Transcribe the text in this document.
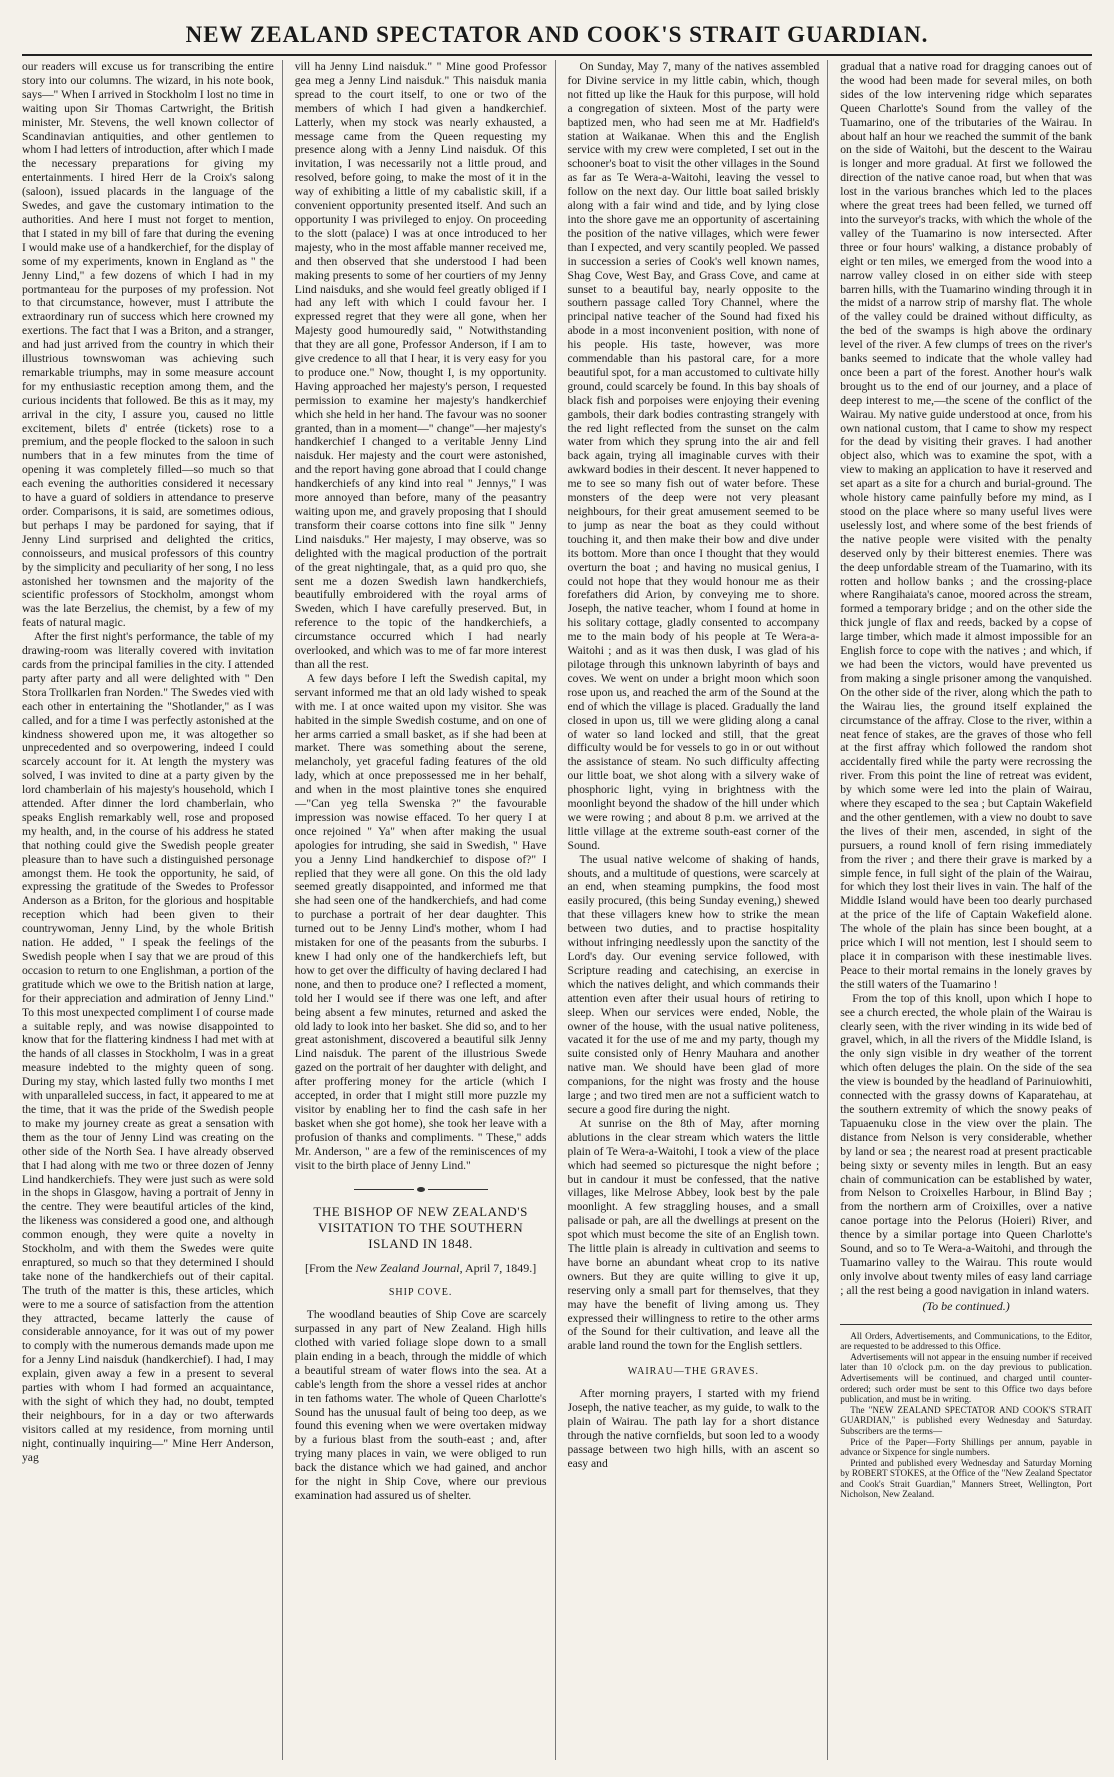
NEW ZEALAND SPECTATOR AND COOK'S STRAIT GUARDIAN.

our readers will excuse us for transcribing the entire story into our columns. The wizard, in his note book, says—" When I arrived in Stockholm I lost no time in waiting upon Sir Thomas Cartwright, the British minister, Mr. Stevens, the well known collector of Scandinavian antiquities, and other gentlemen to whom I had letters of introduction, after which I made the necessary preparations for giving my entertainments. I hired Herr de la Croix's salong (saloon), issued placards in the language of the Swedes, and gave the customary intimation to the authorities. And here I must not forget to mention, that I stated in my bill of fare that during the evening I would make use of a handkerchief, for the display of some of my experiments, known in England as " the Jenny Lind," a few dozens of which I had in my portmanteau for the purposes of my profession. Not to that circumstance, however, must I attribute the extraordinary run of success which here crowned my exertions. The fact that I was a Briton, and a stranger, and had just arrived from the country in which their illustrious townswoman was achieving such remarkable triumphs, may in some measure account for my enthusiastic reception among them, and the curious incidents that followed. Be this as it may, my arrival in the city, I assure you, caused no little excitement, bilets d' entrée (tickets) rose to a premium, and the people flocked to the saloon in such numbers that in a few minutes from the time of opening it was completely filled—so much so that each evening the authorities considered it necessary to have a guard of soldiers in attendance to preserve order. Comparisons, it is said, are sometimes odious, but perhaps I may be pardoned for saying, that if Jenny Lind surprised and delighted the critics, connoisseurs, and musical professors of this country by the simplicity and peculiarity of her song, I no less astonished her townsmen and the majority of the scientific professors of Stockholm, amongst whom was the late Berzelius, the chemist, by a few of my feats of natural magic.

After the first night's performance, the table of my drawing-room was literally covered with invitation cards from the principal families in the city. I attended party after party and all were delighted with " Den Stora Trollkarlen fran Norden." The Swedes vied with each other in entertaining the "Shotlander," as I was called, and for a time I was perfectly astonished at the kindness showered upon me, it was altogether so unprecedented and so overpowering, indeed I could scarcely account for it. At length the mystery was solved, I was invited to dine at a party given by the lord chamberlain of his majesty's household, which I attended. After dinner the lord chamberlain, who speaks English remarkably well, rose and proposed my health, and, in the course of his address he stated that nothing could give the Swedish people greater pleasure than to have such a distinguished personage amongst them. He took the opportunity, he said, of expressing the gratitude of the Swedes to Professor Anderson as a Briton, for the glorious and hospitable reception which had been given to their countrywoman, Jenny Lind, by the whole British nation. He added, " I speak the feelings of the Swedish people when I say that we are proud of this occasion to return to one Englishman, a portion of the gratitude which we owe to the British nation at large, for their appreciation and admiration of Jenny Lind." To this most unexpected compliment I of course made a suitable reply, and was nowise disappointed to know that for the flattering kindness I had met with at the hands of all classes in Stockholm, I was in a great measure indebted to the mighty queen of song. During my stay, which lasted fully two months I met with unparalleled success, in fact, it appeared to me at the time, that it was the pride of the Swedish people to make my journey create as great a sensation with them as the tour of Jenny Lind was creating on the other side of the North Sea. I have already observed that I had along with me two or three dozen of Jenny Lind handkerchiefs. They were just such as were sold in the shops in Glasgow, having a portrait of Jenny in the centre. They were beautiful articles of the kind, the likeness was considered a good one, and although common enough, they were quite a novelty in Stockholm, and with them the Swedes were quite enraptured, so much so that they determined I should take none of the handkerchiefs out of their capital. The truth of the matter is this, these articles, which were to me a source of satisfaction from the attention they attracted, became latterly the cause of considerable annoyance, for it was out of my power to comply with the numerous demands made upon me for a Jenny Lind naisduk (handkerchief). I had, I may explain, given away a few in a present to several parties with whom I had formed an acquaintance, with the sight of which they had, no doubt, tempted their neighbours, for in a day or two afterwards visitors called at my residence, from morning until night, continually inquiring—" Mine Herr Anderson, yag

vill ha Jenny Lind naisduk." " Mine good Professor gea meg a Jenny Lind naisduk." This naisduk mania spread to the court itself, to one or two of the members of which I had given a handkerchief. Latterly, when my stock was nearly exhausted, a message came from the Queen requesting my presence along with a Jenny Lind naisduk. Of this invitation, I was necessarily not a little proud, and resolved, before going, to make the most of it in the way of exhibiting a little of my cabalistic skill, if a convenient opportunity presented itself. And such an opportunity I was privileged to enjoy. On proceeding to the slott (palace) I was at once introduced to her majesty, who in the most affable manner received me, and then observed that she understood I had been making presents to some of her courtiers of my Jenny Lind naisduks, and she would feel greatly obliged if I had any left with which I could favour her. I expressed regret that they were all gone, when her Majesty good humouredly said, " Notwithstanding that they are all gone, Professor Anderson, if I am to give credence to all that I hear, it is very easy for you to produce one." Now, thought I, is my opportunity. Having approached her majesty's person, I requested permission to examine her majesty's handkerchief which she held in her hand. The favour was no sooner granted, than in a moment—" change"—her majesty's handkerchief I changed to a veritable Jenny Lind naisduk. Her majesty and the court were astonished, and the report having gone abroad that I could change handkerchiefs of any kind into real " Jennys," I was more annoyed than before, many of the peasantry waiting upon me, and gravely proposing that I should transform their coarse cottons into fine silk " Jenny Lind naisduks." Her majesty, I may observe, was so delighted with the magical production of the portrait of the great nightingale, that, as a quid pro quo, she sent me a dozen Swedish lawn handkerchiefs, beautifully embroidered with the royal arms of Sweden, which I have carefully preserved. But, in reference to the topic of the handkerchiefs, a circumstance occurred which I had nearly overlooked, and which was to me of far more interest than all the rest.

A few days before I left the Swedish capital, my servant informed me that an old lady wished to speak with me. I at once waited upon my visitor. She was habited in the simple Swedish costume, and on one of her arms carried a small basket, as if she had been at market. There was something about the serene, melancholy, yet graceful fading features of the old lady, which at once prepossessed me in her behalf, and when in the most plaintive tones she enquired—"Can yeg tella Swenska ?" the favourable impression was nowise effaced. To her query I at once rejoined " Ya" when after making the usual apologies for intruding, she said in Swedish, " Have you a Jenny Lind handkerchief to dispose of?" I replied that they were all gone. On this the old lady seemed greatly disappointed, and informed me that she had seen one of the handkerchiefs, and had come to purchase a portrait of her dear daughter. This turned out to be Jenny Lind's mother, whom I had mistaken for one of the peasants from the suburbs. I knew I had only one of the handkerchiefs left, but how to get over the difficulty of having declared I had none, and then to produce one? I reflected a moment, told her I would see if there was one left, and after being absent a few minutes, returned and asked the old lady to look into her basket. She did so, and to her great astonishment, discovered a beautiful silk Jenny Lind naisduk. The parent of the illustrious Swede gazed on the portrait of her daughter with delight, and after proffering money for the article (which I accepted, in order that I might still more puzzle my visitor by enabling her to find the cash safe in her basket when she got home), she took her leave with a profusion of thanks and compliments. " These," adds Mr. Anderson, " are a few of the reminiscences of my visit to the birth place of Jenny Lind."

THE BISHOP OF NEW ZEALAND'S VISITATION TO THE SOUTHERN ISLAND IN 1848.
[From the New Zealand Journal, April 7, 1849.]
SHIP COVE.

The woodland beauties of Ship Cove are scarcely surpassed in any part of New Zealand. High hills clothed with varied foliage slope down to a small plain ending in a beach, through the middle of which a beautiful stream of water flows into the sea. At a cable's length from the shore a vessel rides at anchor in ten fathoms water. The whole of Queen Charlotte's Sound has the unusual fault of being too deep, as we found this evening when we were overtaken midway by a furious blast from the south-east ; and, after trying many places in vain, we were obliged to run back the distance which we had gained, and anchor for the night in Ship Cove, where our previous examination had assured us of shelter.

On Sunday, May 7, many of the natives assembled for Divine service in my little cabin, which, though not fitted up like the Hauk for this purpose, will hold a congregation of sixteen. Most of the party were baptized men, who had seen me at Mr. Hadfield's station at Waikanae. When this and the English service with my crew were completed, I set out in the schooner's boat to visit the other villages in the Sound as far as Te Wera-a-Waitohi, leaving the vessel to follow on the next day. Our little boat sailed briskly along with a fair wind and tide, and by lying close into the shore gave me an opportunity of ascertaining the position of the native villages, which were fewer than I expected, and very scantily peopled. We passed in succession a series of Cook's well known names, Shag Cove, West Bay, and Grass Cove, and came at sunset to a beautiful bay, nearly opposite to the southern passage called Tory Channel, where the principal native teacher of the Sound had fixed his abode in a most inconvenient position, with none of his people. His taste, however, was more commendable than his pastoral care, for a more beautiful spot, for a man accustomed to cultivate hilly ground, could scarcely be found. In this bay shoals of black fish and porpoises were enjoying their evening gambols, their dark bodies contrasting strangely with the red light reflected from the sunset on the calm water from which they sprung into the air and fell back again, trying all imaginable curves with their awkward bodies in their descent. It never happened to me to see so many fish out of water before. These monsters of the deep were not very pleasant neighbours, for their great amusement seemed to be to jump as near the boat as they could without touching it, and then make their bow and dive under its bottom. More than once I thought that they would overturn the boat ; and having no musical genius, I could not hope that they would honour me as their forefathers did Arion, by conveying me to shore. Joseph, the native teacher, whom I found at home in his solitary cottage, gladly consented to accompany me to the main body of his people at Te Wera-a-Waitohi ; and as it was then dusk, I was glad of his pilotage through this unknown labyrinth of bays and coves. We went on under a bright moon which soon rose upon us, and reached the arm of the Sound at the end of which the village is placed. Gradually the land closed in upon us, till we were gliding along a canal of water so land locked and still, that the great difficulty would be for vessels to go in or out without the assistance of steam. No such difficulty affecting our little boat, we shot along with a silvery wake of phosphoric light, vying in brightness with the moonlight beyond the shadow of the hill under which we were rowing ; and about 8 p.m. we arrived at the little village at the extreme south-east corner of the Sound.

The usual native welcome of shaking of hands, shouts, and a multitude of questions, were scarcely at an end, when steaming pumpkins, the food most easily procured, (this being Sunday evening,) shewed that these villagers knew how to strike the mean between two duties, and to practise hospitality without infringing needlessly upon the sanctity of the Lord's day. Our evening service followed, with Scripture reading and catechising, an exercise in which the natives delight, and which commands their attention even after their usual hours of retiring to sleep. When our services were ended, Noble, the owner of the house, with the usual native politeness, vacated it for the use of me and my party, though my suite consisted only of Henry Mauhara and another native man. We should have been glad of more companions, for the night was frosty and the house large ; and two tired men are not a sufficient watch to secure a good fire during the night.

At sunrise on the 8th of May, after morning ablutions in the clear stream which waters the little plain of Te Wera-a-Waitohi, I took a view of the place which had seemed so picturesque the night before ; but in candour it must be confessed, that the native villages, like Melrose Abbey, look best by the pale moonlight. A few straggling houses, and a small palisade or pah, are all the dwellings at present on the spot which must become the site of an English town. The little plain is already in cultivation and seems to have borne an abundant wheat crop to its native owners. But they are quite willing to give it up, reserving only a small part for themselves, that they may have the benefit of living among us. They expressed their willingness to retire to the other arms of the Sound for their cultivation, and leave all the arable land round the town for the English settlers.

WAIRAU—THE GRAVES.

After morning prayers, I started with my friend Joseph, the native teacher, as my guide, to walk to the plain of Wairau. The path lay for a short distance through the native cornfields, but soon led to a woody passage between two high hills, with an ascent so easy and

gradual that a native road for dragging canoes out of the wood had been made for several miles, on both sides of the low intervening ridge which separates Queen Charlotte's Sound from the valley of the Tuamarino, one of the tributaries of the Wairau. In about half an hour we reached the summit of the bank on the side of Waitohi, but the descent to the Wairau is longer and more gradual. At first we followed the direction of the native canoe road, but when that was lost in the various branches which led to the places where the great trees had been felled, we turned off into the surveyor's tracks, with which the whole of the valley of the Tuamarino is now intersected. After three or four hours' walking, a distance probably of eight or ten miles, we emerged from the wood into a narrow valley closed in on either side with steep barren hills, with the Tuamarino winding through it in the midst of a narrow strip of marshy flat. The whole of the valley could be drained without difficulty, as the bed of the swamps is high above the ordinary level of the river. A few clumps of trees on the river's banks seemed to indicate that the whole valley had once been a part of the forest. Another hour's walk brought us to the end of our journey, and a place of deep interest to me,—the scene of the conflict of the Wairau. My native guide understood at once, from his own national custom, that I came to show my respect for the dead by visiting their graves. I had another object also, which was to examine the spot, with a view to making an application to have it reserved and set apart as a site for a church and burial-ground. The whole history came painfully before my mind, as I stood on the place where so many useful lives were uselessly lost, and where some of the best friends of the native people were visited with the penalty deserved only by their bitterest enemies. There was the deep unfordable stream of the Tuamarino, with its rotten and hollow banks ; and the crossing-place where Rangihaiata's canoe, moored across the stream, formed a temporary bridge ; and on the other side the thick jungle of flax and reeds, backed by a copse of large timber, which made it almost impossible for an English force to cope with the natives ; and which, if we had been the victors, would have prevented us from making a single prisoner among the vanquished. On the other side of the river, along which the path to the Wairau lies, the ground itself explained the circumstance of the affray. Close to the river, within a neat fence of stakes, are the graves of those who fell at the first affray which followed the random shot accidentally fired while the party were recrossing the river. From this point the line of retreat was evident, by which some were led into the plain of Wairau, where they escaped to the sea ; but Captain Wakefield and the other gentlemen, with a view no doubt to save the lives of their men, ascended, in sight of the pursuers, a round knoll of fern rising immediately from the river ; and there their grave is marked by a simple fence, in full sight of the plain of the Wairau, for which they lost their lives in vain. The half of the Middle Island would have been too dearly purchased at the price of the life of Captain Wakefield alone. The whole of the plain has since been bought, at a price which I will not mention, lest I should seem to place it in comparison with these inestimable lives. Peace to their mortal remains in the lonely graves by the still waters of the Tuamarino !

From the top of this knoll, upon which I hope to see a church erected, the whole plain of the Wairau is clearly seen, with the river winding in its wide bed of gravel, which, in all the rivers of the Middle Island, is the only sign visible in dry weather of the torrent which often deluges the plain. On the side of the sea the view is bounded by the headland of Parinuiowhiti, connected with the grassy downs of Kaparatehau, at the southern extremity of which the snowy peaks of Tapuaenuku close in the view over the plain. The distance from Nelson is very considerable, whether by land or sea ; the nearest road at present practicable being sixty or seventy miles in length. But an easy chain of communication can be established by water, from Nelson to Croixelles Harbour, in Blind Bay ; from the northern arm of Croixilles, over a native canoe portage into the Pelorus (Hoieri) River, and thence by a similar portage into Queen Charlotte's Sound, and so to Te Wera-a-Waitohi, and through the Tuamarino valley to the Wairau. This route would only involve about twenty miles of easy land carriage ; all the rest being a good navigation in inland waters.

(To be continued.)

All Orders, Advertisements, and Communications, to the Editor, are requested to be addressed to this Office.

Advertisements will not appear in the ensuing number if received later than 10 o'clock p.m. on the day previous to publication. Advertisements will be continued, and charged until counter-ordered; such order must be sent to this Office two days before publication, and must be in writing.

The "NEW ZEALAND SPECTATOR AND COOK'S STRAIT GUARDIAN," is published every Wednesday and Saturday. Subscribers are the terms—

Price of the Paper—Forty Shillings per annum, payable in advance or Sixpence for single numbers.

Printed and published every Wednesday and Saturday Morning by ROBERT STOKES, at the Office of the "New Zealand Spectator and Cook's Strait Guardian," Manners Street, Wellington, Port Nicholson, New Zealand.
